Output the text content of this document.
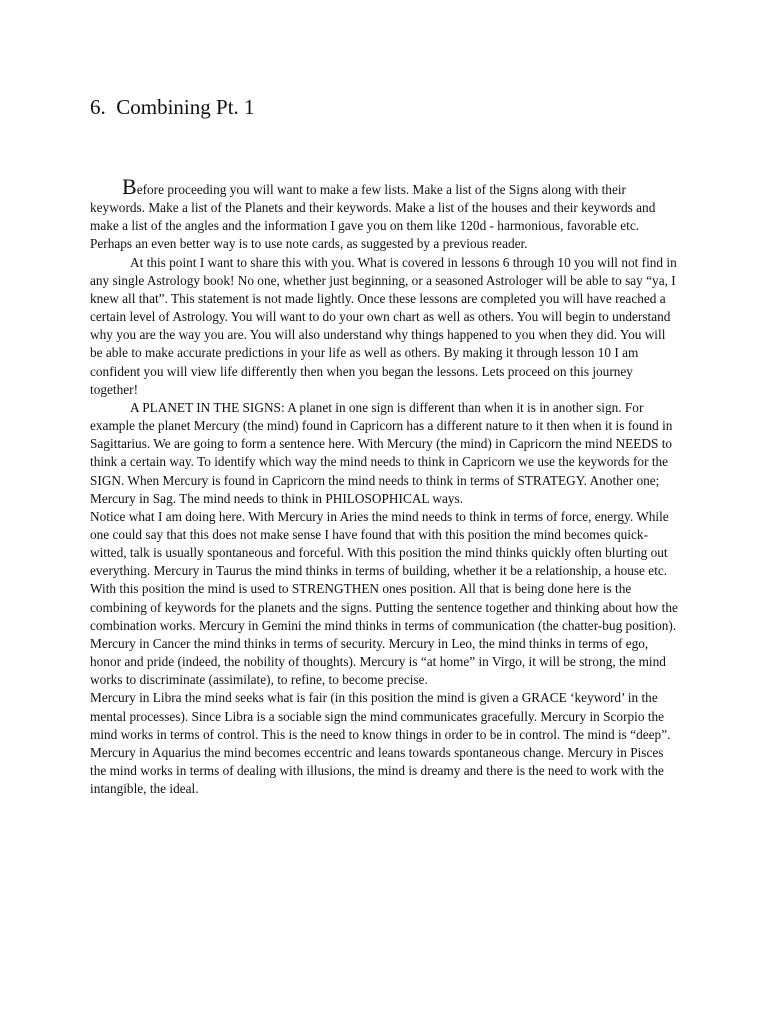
6.  Combining Pt. 1

Before proceeding you will want to make a few lists. Make a list of the Signs along with their keywords. Make a list of the Planets and their keywords. Make a list of the houses and their keywords and make a list of the angles and the information I gave you on them like 120d - harmonious, favorable etc. Perhaps an even better way is to use note cards, as suggested by a previous reader.

At this point I want to share this with you. What is covered in lessons 6 through 10 you will not find in any single Astrology book! No one, whether just beginning, or a seasoned Astrologer will be able to say “ya, I knew all that”. This statement is not made lightly. Once these lessons are completed you will have reached a certain level of Astrology. You will want to do your own chart as well as others. You will begin to understand why you are the way you are. You will also understand why things happened to you when they did. You will be able to make accurate predictions in your life as well as others. By making it through lesson 10 I am confident you will view life differently then when you began the lessons. Lets proceed on this journey together!

A PLANET IN THE SIGNS: A planet in one sign is different than when it is in another sign. For example the planet Mercury (the mind) found in Capricorn has a different nature to it then when it is found in Sagittarius. We are going to form a sentence here. With Mercury (the mind) in Capricorn the mind NEEDS to think a certain way. To identify which way the mind needs to think in Capricorn we use the keywords for the SIGN. When Mercury is found in Capricorn the mind needs to think in terms of STRATEGY. Another one; Mercury in Sag. The mind needs to think in PHILOSOPHICAL ways.

Notice what I am doing here. With Mercury in Aries the mind needs to think in terms of force, energy. While one could say that this does not make sense I have found that with this position the mind becomes quick-witted, talk is usually spontaneous and forceful. With this position the mind thinks quickly often blurting out everything. Mercury in Taurus the mind thinks in terms of building, whether it be a relationship, a house etc. With this position the mind is used to STRENGTHEN ones position. All that is being done here is the combining of keywords for the planets and the signs. Putting the sentence together and thinking about how the combination works. Mercury in Gemini the mind thinks in terms of communication (the chatter-bug position). Mercury in Cancer the mind thinks in terms of security. Mercury in Leo, the mind thinks in terms of ego, honor and pride (indeed, the nobility of thoughts). Mercury is “at home” in Virgo, it will be strong, the mind works to discriminate (assimilate), to refine, to become precise.

Mercury in Libra the mind seeks what is fair (in this position the mind is given a GRACE ‘keyword’ in the mental processes). Since Libra is a sociable sign the mind communicates gracefully. Mercury in Scorpio the mind works in terms of control. This is the need to know things in order to be in control. The mind is “deep”. Mercury in Aquarius the mind becomes eccentric and leans towards spontaneous change. Mercury in Pisces the mind works in terms of dealing with illusions, the mind is dreamy and there is the need to work with the intangible, the ideal.
